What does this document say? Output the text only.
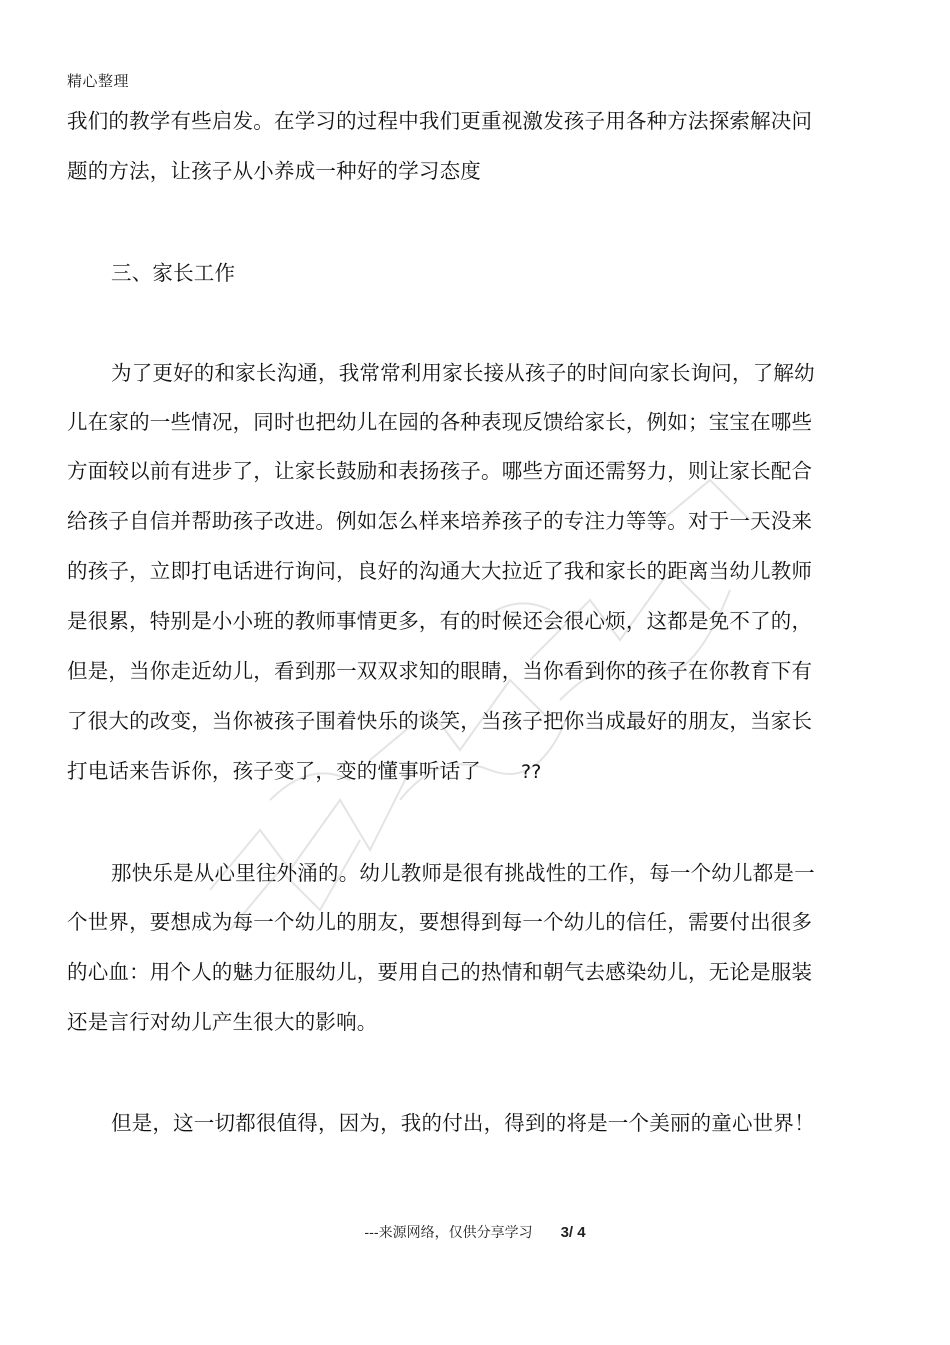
精心整理
我们的教学有些启发。在学习的过程中我们更重视激发孩子用各种方法探索解决问
题的方法，让孩子从小养成一种好的学习态度
三、家长工作
为了更好的和家长沟通，我常常利用家长接从孩子的时间向家长询问，了解幼
儿在家的一些情况，同时也把幼儿在园的各种表现反馈给家长，例如；宝宝在哪些
方面较以前有进步了，让家长鼓励和表扬孩子。哪些方面还需努力，则让家长配合
给孩子自信并帮助孩子改进。例如怎么样来培养孩子的专注力等等。对于一天没来
的孩子，立即打电话进行询问，良好的沟通大大拉近了我和家长的距离当幼儿教师
是很累，特别是小小班的教师事情更多，有的时候还会很心烦，这都是免不了的，
但是，当你走近幼儿，看到那一双双求知的眼睛，当你看到你的孩子在你教育下有
了很大的改变，当你被孩子围着快乐的谈笑，当孩子把你当成最好的朋友，当家长
打电话来告诉你，孩子变了，变的懂事听话了 ??
那快乐是从心里往外涌的。幼儿教师是很有挑战性的工作，每一个幼儿都是一
个世界，要想成为每一个幼儿的朋友，要想得到每一个幼儿的信任，需要付出很多
的心血：用个人的魅力征服幼儿，要用自己的热情和朝气去感染幼儿，无论是服装
还是言行对幼儿产生很大的影响。
但是，这一切都很值得，因为，我的付出，得到的将是一个美丽的童心世界！
---来源网络，仅供分享学习 3/ 4
